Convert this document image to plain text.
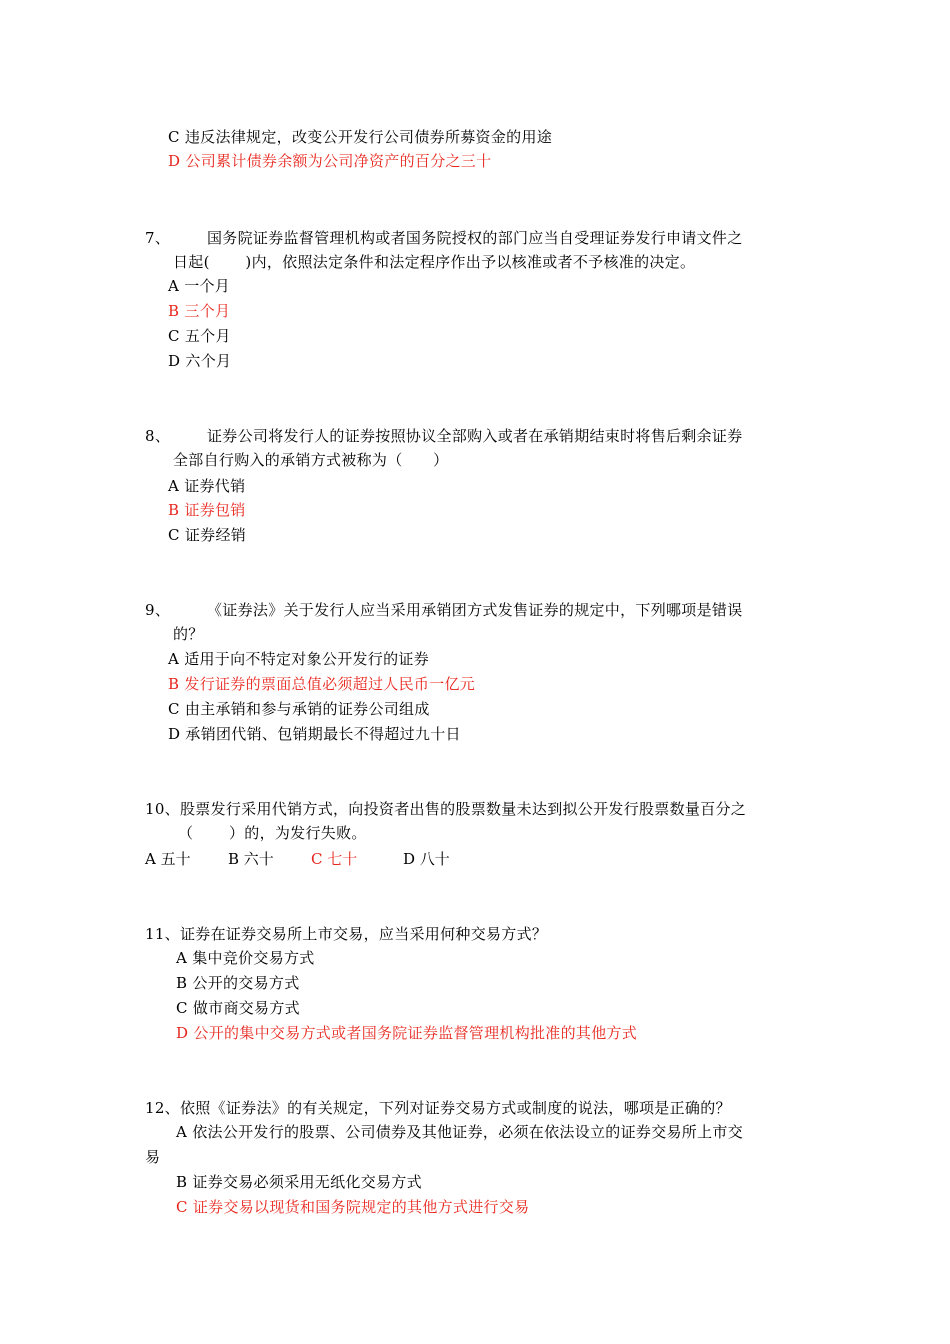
C 违反法律规定，改变公开发行公司债券所募资金的用途
D 公司累计债券余额为公司净资产的百分之三十
7、 国务院证券监督管理机构或者国务院授权的部门应当自受理证券发行申请文件之
日起(　　 )内，依照法定条件和法定程序作出予以核准或者不予核准的决定。
A 一个月
B 三个月
C 五个月
D 六个月
8、 证券公司将发行人的证券按照协议全部购入或者在承销期结束时将售后剩余证券
全部自行购入的承销方式被称为（　　）
A 证券代销
B 证券包销
C 证券经销
9、 《证券法》关于发行人应当采用承销团方式发售证券的规定中，下列哪项是错误
的？
A 适用于向不特定对象公开发行的证券
B 发行证券的票面总值必须超过人民币一亿元
C 由主承销和参与承销的证券公司组成
D 承销团代销、包销期最长不得超过九十日
10、股票发行采用代销方式，向投资者出售的股票数量未达到拟公开发行股票数量百分之
（　　 ）的，为发行失败。
A 五十 B 六十 C 七十	D 八十
11、证券在证券交易所上市交易，应当采用何种交易方式？
A 集中竞价交易方式
B 公开的交易方式
C 做市商交易方式
D 公开的集中交易方式或者国务院证券监督管理机构批准的其他方式
12、依照《证券法》的有关规定，下列对证券交易方式或制度的说法，哪项是正确的？
A 依法公开发行的股票、公司债券及其他证券，必须在依法设立的证券交易所上市交
易
B 证券交易必须采用无纸化交易方式
C 证券交易以现货和国务院规定的其他方式进行交易
